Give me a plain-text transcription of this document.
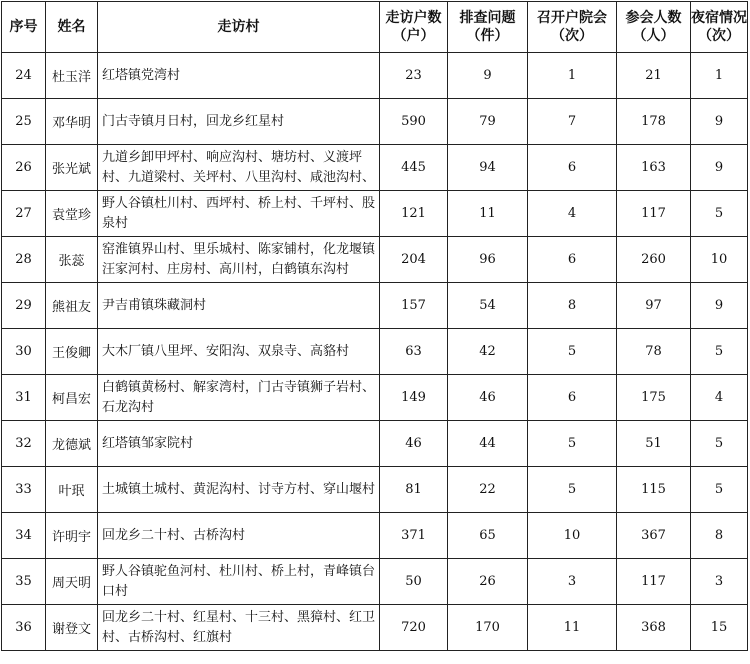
序号	姓名	走访村	走访户数（户）	排查问题（件）	召开户院会（次）	参会人数（人）	夜宿情况（次）
24	杜玉洋	红塔镇党湾村	23	9	1	21	1
25	邓华明	门古寺镇月日村，回龙乡红星村	590	79	7	178	9
26	张光斌	九道乡卸甲坪村、响应沟村、塘坊村、义渡坪村、九道梁村、关坪村、八里沟村、咸池沟村、	445	94	6	163	9
27	袁堂珍	野人谷镇杜川村、西坪村、桥上村、千坪村、股泉村	121	11	4	117	5
28	张蕊	窑淮镇界山村、里乐城村、陈家铺村，化龙堰镇汪家河村、庄房村、高川村，白鹤镇东沟村	204	96	6	260	10
29	熊祖友	尹吉甫镇珠藏洞村	157	54	8	97	9
30	王俊卿	大木厂镇八里坪、安阳沟、双泉寺、高貉村	63	42	5	78	5
31	柯昌宏	白鹤镇黄杨村、解家湾村，门古寺镇狮子岩村、石龙沟村	149	46	6	175	4
32	龙德斌	红塔镇邹家院村	46	44	5	51	5
33	叶珉	土城镇土城村、黄泥沟村、讨寺方村、穿山堰村	81	22	5	115	5
34	许明宇	回龙乡二十村、古桥沟村	371	65	10	367	8
35	周天明	野人谷镇驼鱼河村、杜川村、桥上村，青峰镇台口村	50	26	3	117	3
36	谢登文	回龙乡二十村、红星村、十三村、黑獐村、红卫村、古桥沟村、红旗村	720	170	11	368	15
